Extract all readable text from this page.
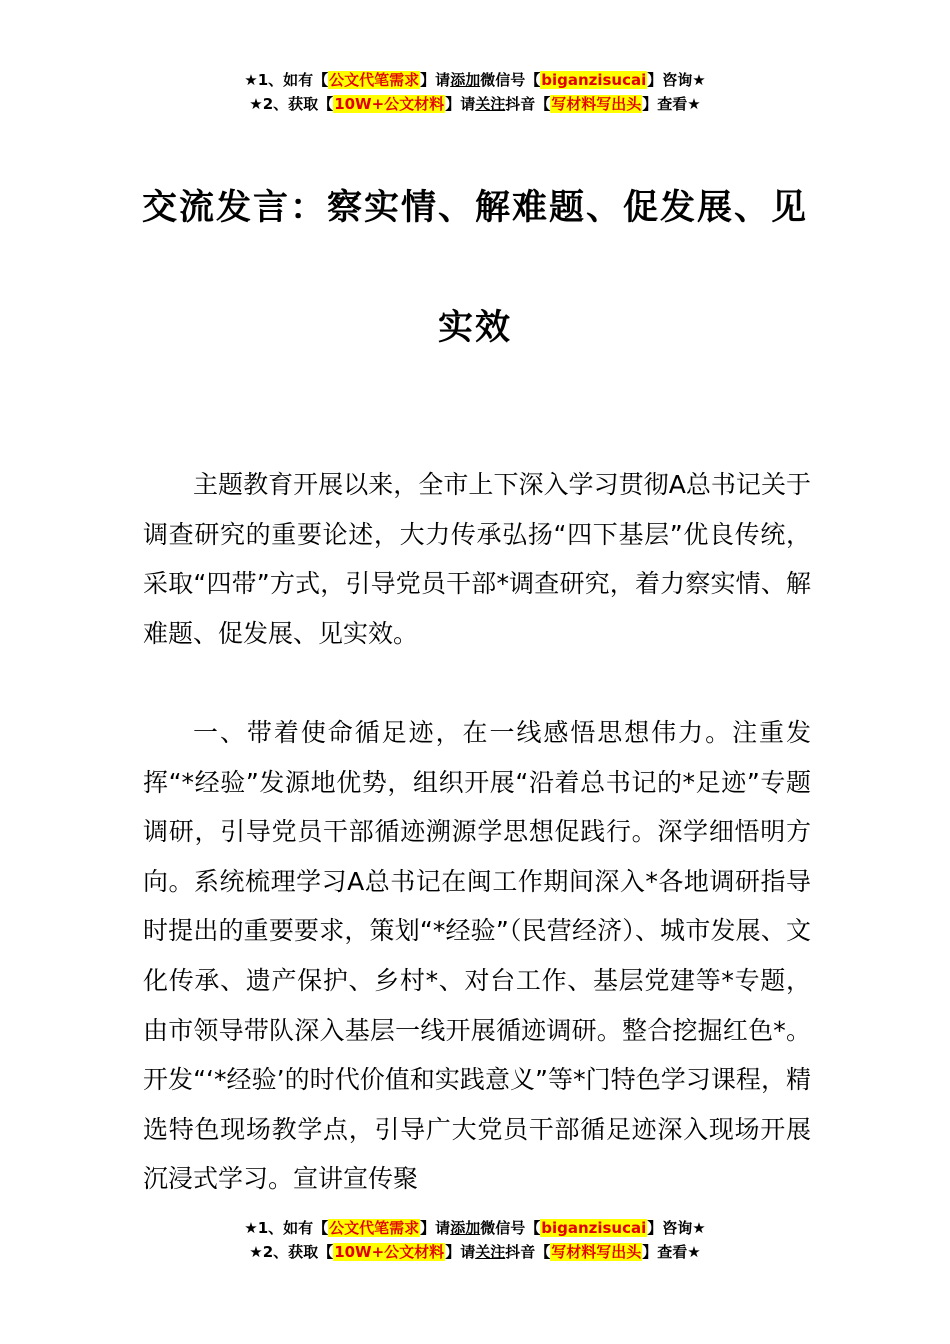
★1、如有【公文代笔需求】请添加微信号【biganzisucai】咨询★
★2、获取【10W+公文材料】请关注抖音【写材料写出头】查看★
交流发言：察实情、解难题、促发展、见
实效

主题教育开展以来，全市上下深入学习贯彻A总书记关于调查研究的重要论述，大力传承弘扬“四下基层”优良传统，采取“四带”方式，引导党员干部*调查研究，着力察实情、解难题、促发展、见实效。

一、带着使命循足迹，在一线感悟思想伟力。注重发挥“*经验”发源地优势，组织开展“沿着总书记的*足迹”专题调研，引导党员干部循迹溯源学思想促践行。深学细悟明方向。系统梳理学习A总书记在闽工作期间深入*各地调研指导时提出的重要要求，策划“*经验”（民营经济）、城市发展、文化传承、遗产保护、乡村*、对台工作、基层党建等*专题，由市领导带队深入基层一线开展循迹调研。整合挖掘红色*。开发“‘*经验’的时代价值和实践意义”等*门特色学习课程，精选特色现场教学点，引导广大党员干部循足迹深入现场开展沉浸式学习。宣讲宣传聚

★1、如有【公文代笔需求】请添加微信号【biganzisucai】咨询★
★2、获取【10W+公文材料】请关注抖音【写材料写出头】查看★
